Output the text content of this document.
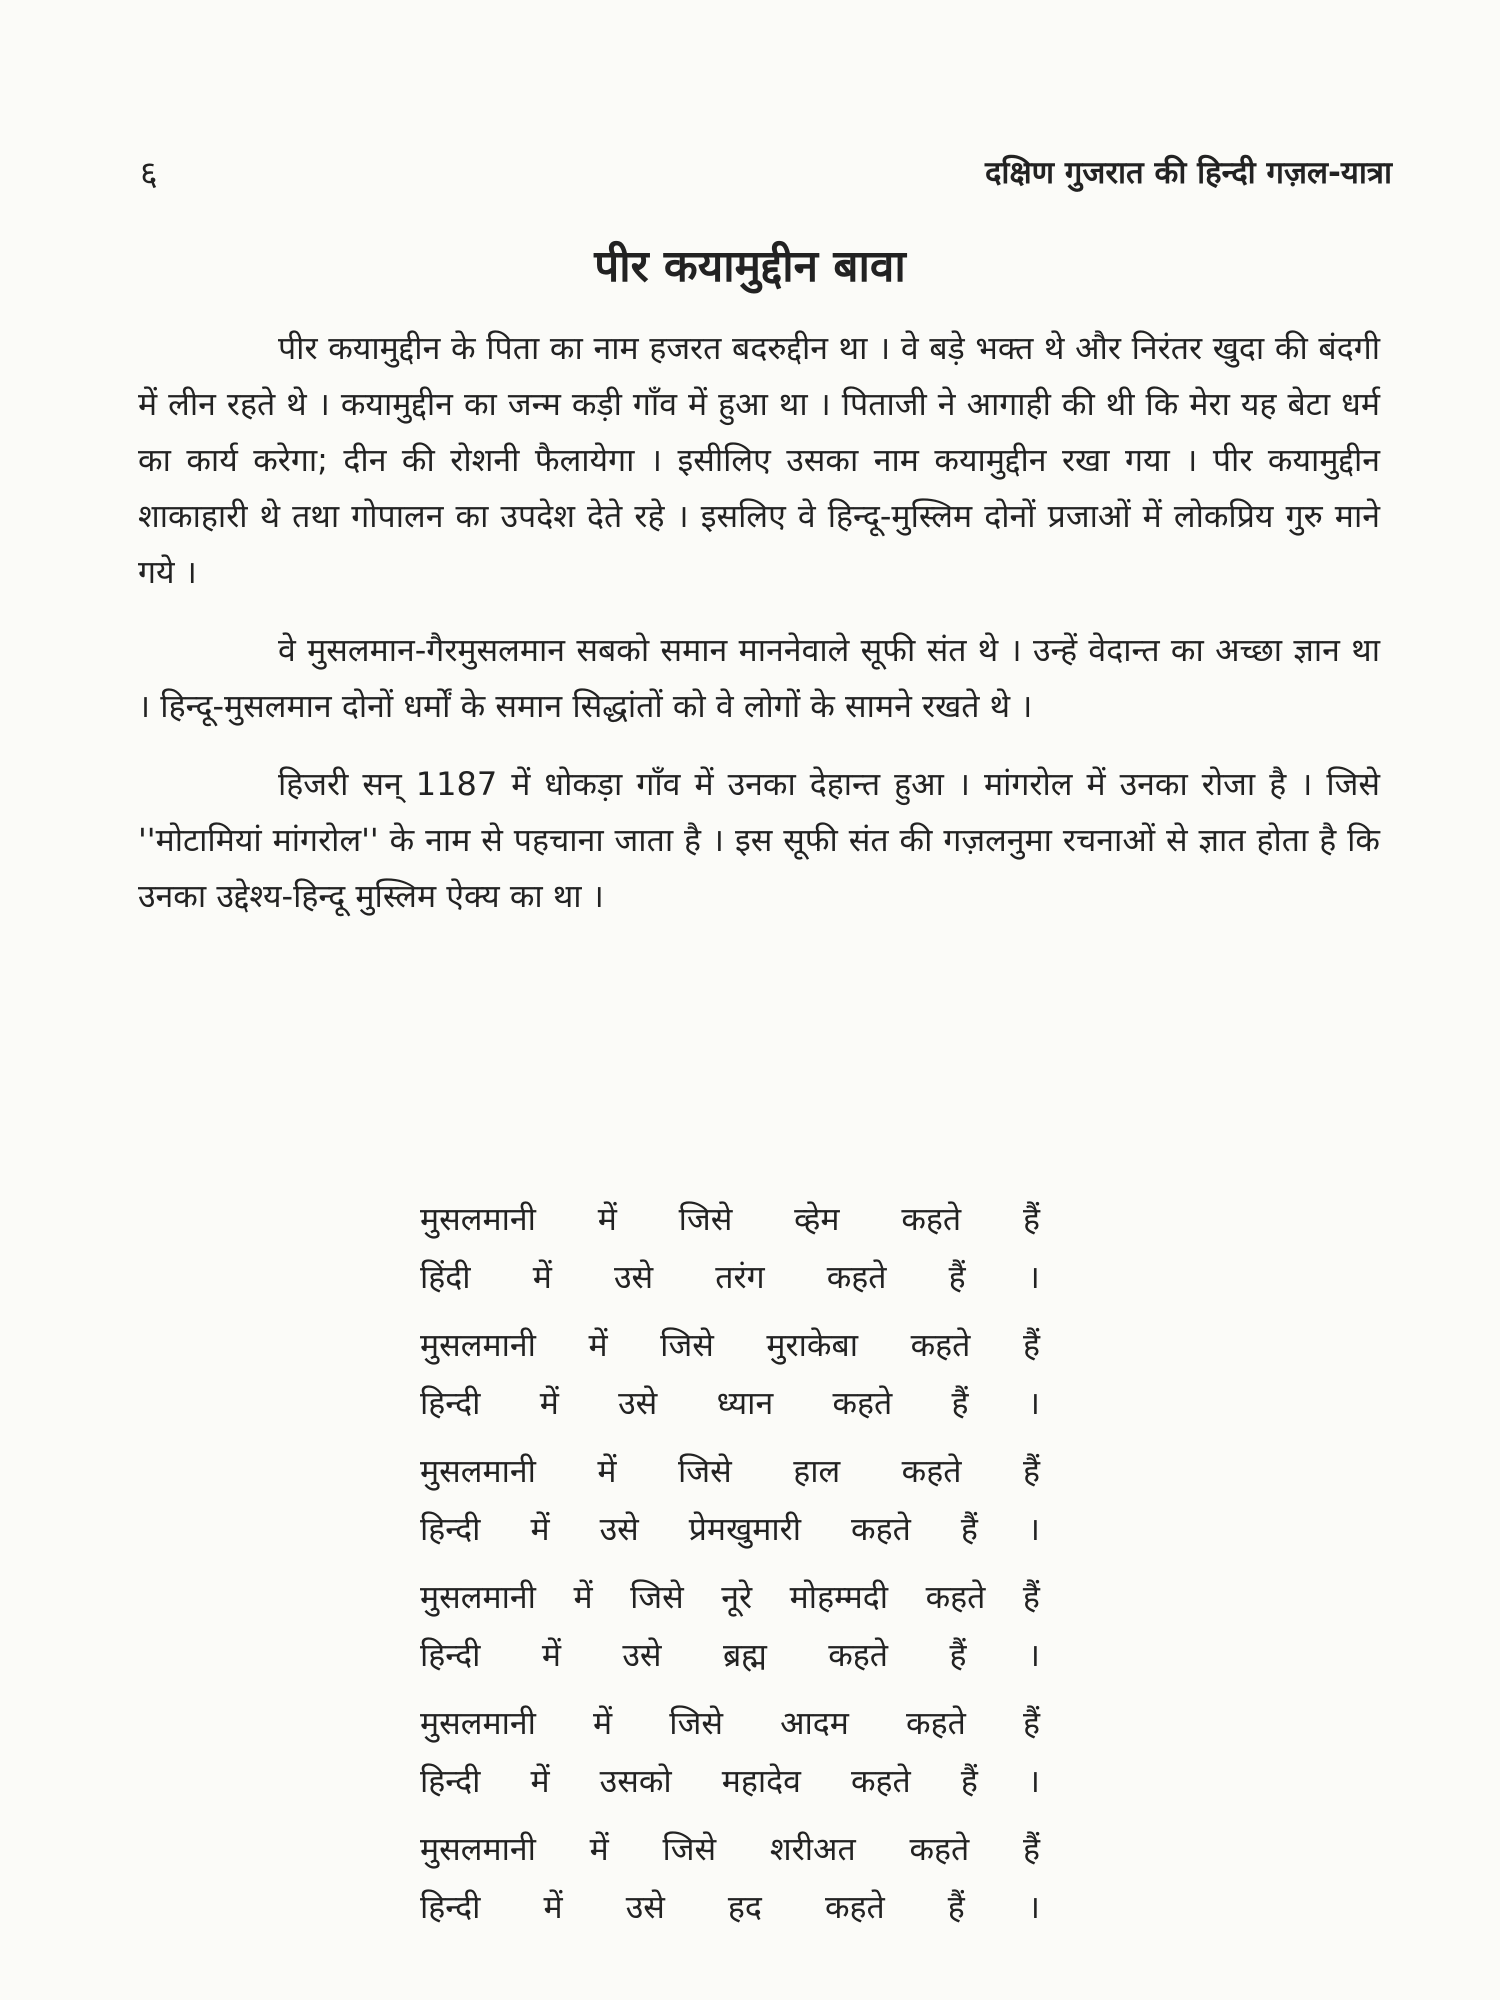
६	दक्षिण गुजरात की हिन्दी गज़ल-यात्रा
पीर कयामुद्दीन बावा

पीर कयामुद्दीन के पिता का नाम हजरत बदरुद्दीन था । वे बड़े भक्त थे और निरंतर खुदा की बंदगी में लीन रहते थे । कयामुद्दीन का जन्म कड़ी गाँव में हुआ था । पिताजी ने आगाही की थी कि मेरा यह बेटा धर्म का कार्य करेगा; दीन की रोशनी फैलायेगा । इसीलिए उसका नाम कयामुद्दीन रखा गया । पीर कयामुद्दीन शाकाहारी थे तथा गोपालन का उपदेश देते रहे । इसलिए वे हिन्दू-मुस्लिम दोनों प्रजाओं में लोकप्रिय गुरु माने गये ।

वे मुसलमान-गैरमुसलमान सबको समान माननेवाले सूफी संत थे । उन्हें वेदान्त का अच्छा ज्ञान था । हिन्दू-मुसलमान दोनों धर्मों के समान सिद्धांतों को वे लोगों के सामने रखते थे ।

हिजरी सन् 1187 में धोकड़ा गाँव में उनका देहान्त हुआ । मांगरोल में उनका रोजा है । जिसे ''मोटामियां मांगरोल'' के नाम से पहचाना जाता है । इस सूफी संत की गज़लनुमा रचनाओं से ज्ञात होता है कि उनका उद्देश्य-हिन्दू मुस्लिम ऐक्य का था ।

मुसलमानी में जिसे व्हेम कहते हैं
हिंदी में उसे तरंग कहते हैं ।
मुसलमानी में जिसे मुराकेबा कहते हैं
हिन्दी में उसे ध्यान कहते हैं ।
मुसलमानी में जिसे हाल कहते हैं
हिन्दी में उसे प्रेमखुमारी कहते हैं ।
मुसलमानी में जिसे नूरे मोहम्मदी कहते हैं
हिन्दी में उसे ब्रह्म कहते हैं ।
मुसलमानी में जिसे आदम कहते हैं
हिन्दी में उसको महादेव कहते हैं ।
मुसलमानी में जिसे शरीअत कहते हैं
हिन्दी में उसे हद कहते हैं ।
